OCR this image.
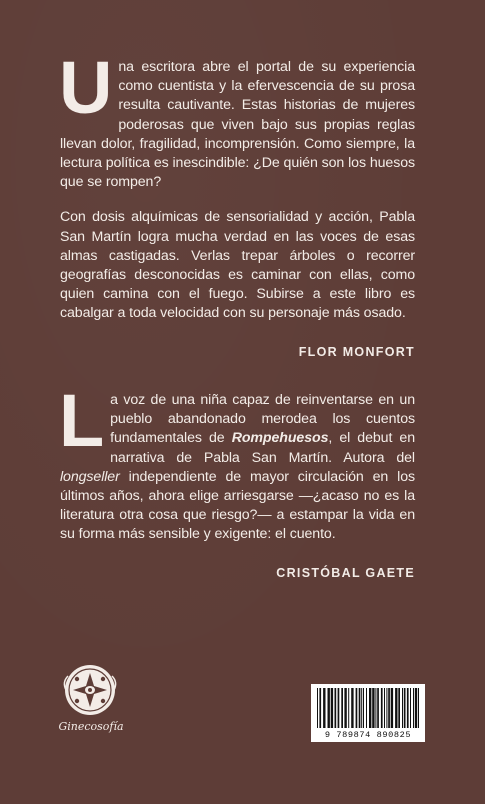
Una escritora abre el portal de su experiencia como cuentista y la efervescencia de su prosa resulta cautivante. Estas historias de mujeres poderosas que viven bajo sus propias reglas llevan dolor, fragilidad, incomprensión. Como siempre, la lectura política es inescindible: ¿De quién son los huesos que se rompen?

Con dosis alquímicas de sensorialidad y acción, Pabla San Martín logra mucha verdad en las voces de esas almas castigadas. Verlas trepar árboles o recorrer geografías desconocidas es caminar con ellas, como quien camina con el fuego. Subirse a este libro es cabalgar a toda velocidad con su personaje más osado.

FLOR MONFORT

La voz de una niña capaz de reinventarse en un pueblo abandonado merodea los cuentos fundamentales de Rompehuesos, el debut en narrativa de Pabla San Martín. Autora del longseller independiente de mayor circulación en los últimos años, ahora elige arriesgarse —¿acaso no es la literatura otra cosa que riesgo?— a estampar la vida en su forma más sensible y exigente: el cuento.

CRISTÓBAL GAETE
Ginecosofía
9 789874 890825
